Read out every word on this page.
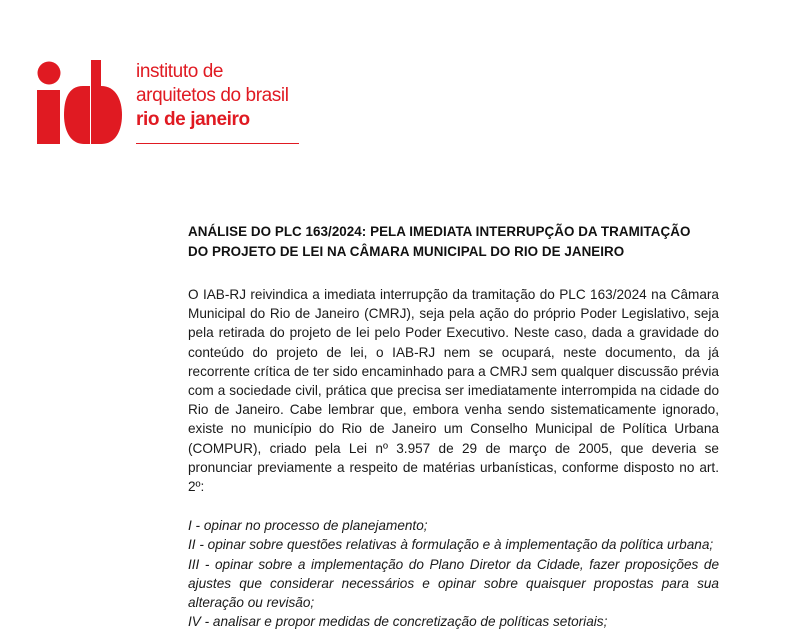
instituto de
arquitetos do brasil
rio de janeiro
ANÁLISE DO PLC 163/2024: PELA IMEDIATA INTERRUPÇÃO DA TRAMITAÇÃO
DO PROJETO DE LEI NA CÂMARA MUNICIPAL DO RIO DE JANEIRO

O IAB-RJ reivindica a imediata interrupção da tramitação do PLC 163/2024 na Câmara Municipal do Rio de Janeiro (CMRJ), seja pela ação do próprio Poder Legislativo, seja pela retirada do projeto de lei pelo Poder Executivo. Neste caso, dada a gravidade do conteúdo do projeto de lei, o IAB-RJ nem se ocupará, neste documento, da já recorrente crítica de ter sido encaminhado para a CMRJ sem qualquer discussão prévia com a sociedade civil, prática que precisa ser imediatamente interrompida na cidade do Rio de Janeiro. Cabe lembrar que, embora venha sendo sistematicamente ignorado, existe no município do Rio de Janeiro um Conselho Municipal de Política Urbana (COMPUR), criado pela Lei nº 3.957 de 29 de março de 2005, que deveria se pronunciar previamente a respeito de matérias urbanísticas, conforme disposto no art. 2º:

I - opinar no processo de planejamento;
II - opinar sobre questões relativas à formulação e à implementação da política urbana;
III - opinar sobre a implementação do Plano Diretor da Cidade, fazer proposições de ajustes que considerar necessários e opinar sobre quaisquer propostas para sua alteração ou revisão;
IV - analisar e propor medidas de concretização de políticas setoriais;
